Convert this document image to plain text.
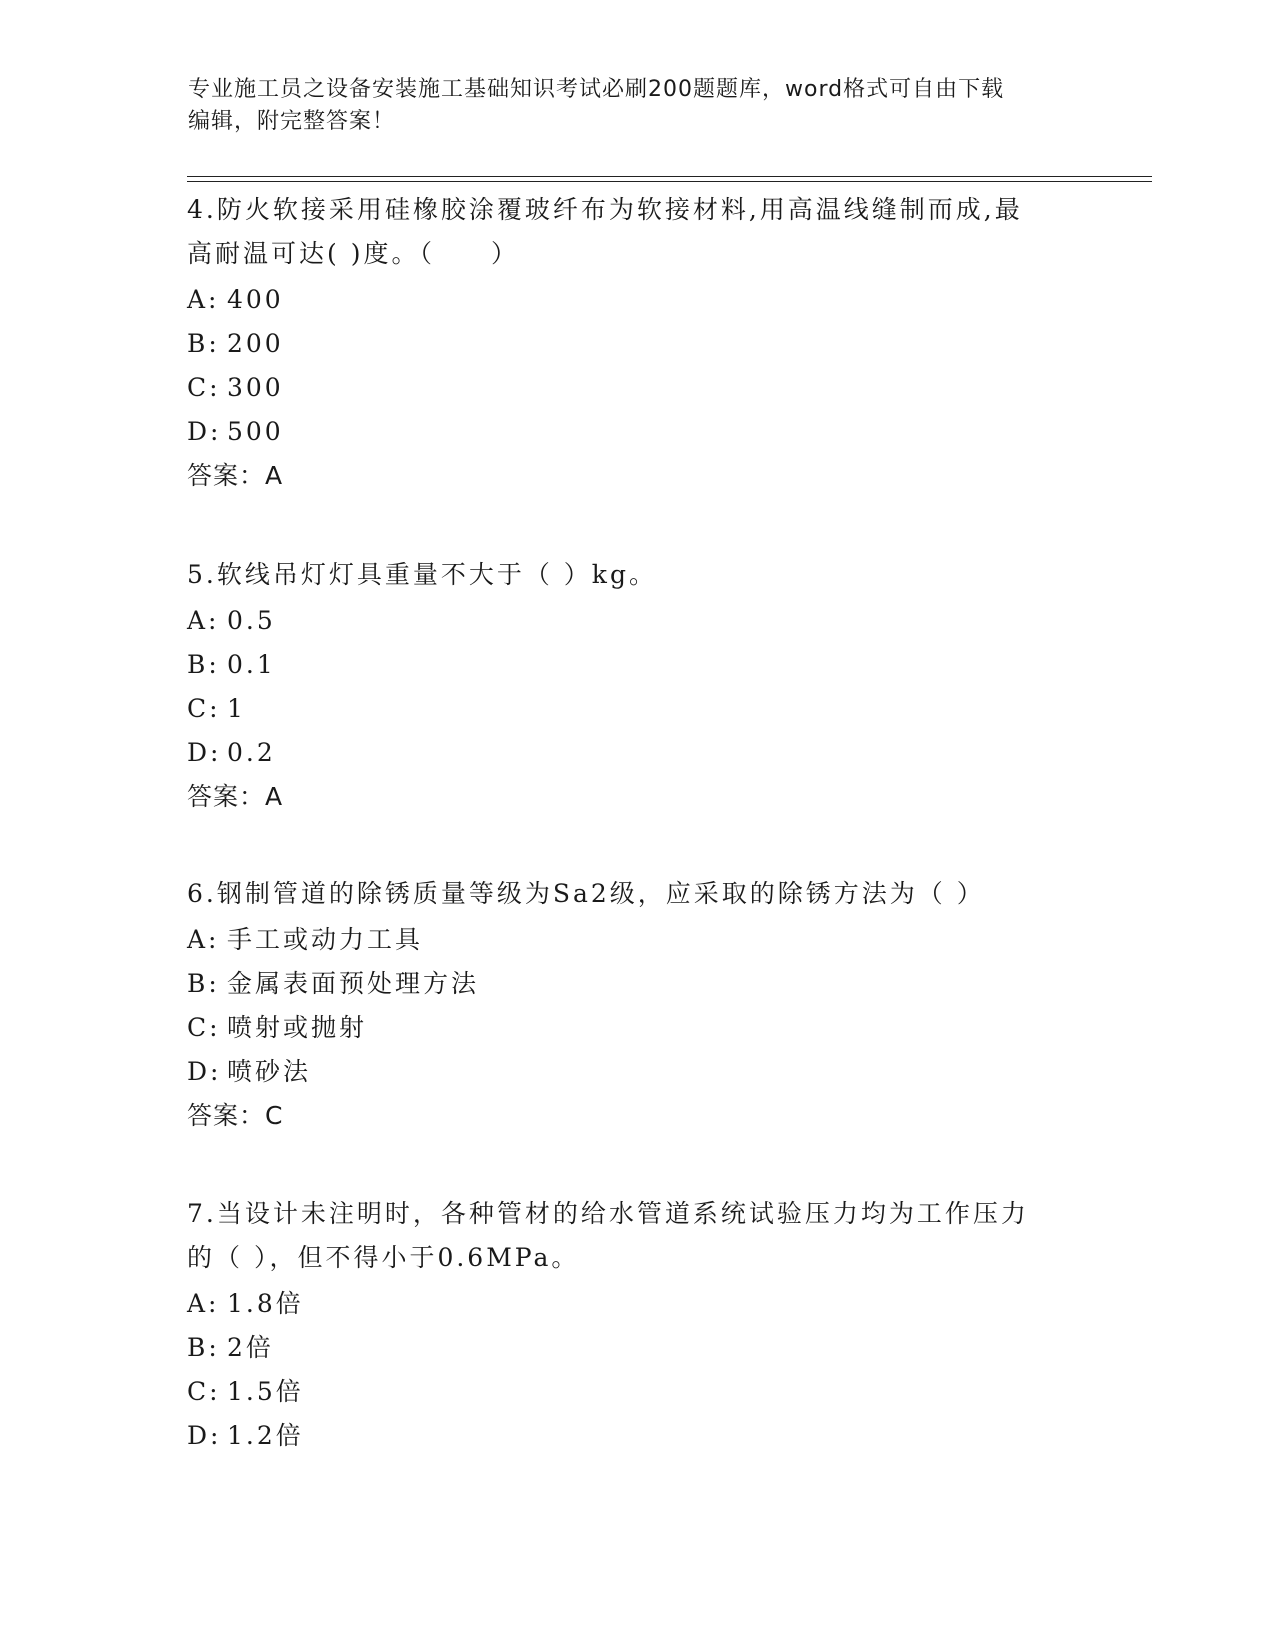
专业施工员之设备安装施工基础知识考试必刷200题题库，word格式可自由下载
编辑，附完整答案！
4.防火软接采用硅橡胶涂覆玻纤布为软接材料,用高温线缝制而成,最
高耐温可达( )度。（　　）
A: 400
B: 200
C: 300
D: 500
答案：A
5.软线吊灯灯具重量不大于（ ）kg。
A: 0.5
B: 0.1
C: 1
D: 0.2
答案：A
6.钢制管道的除锈质量等级为Sa2级，应采取的除锈方法为（ ）
A: 手工或动力工具
B: 金属表面预处理方法
C: 喷射或抛射
D: 喷砂法
答案：C
7.当设计未注明时，各种管材的给水管道系统试验压力均为工作压力
的（ ），但不得小于0.6MPa。
A: 1.8倍
B: 2倍
C: 1.5倍
D: 1.2倍
